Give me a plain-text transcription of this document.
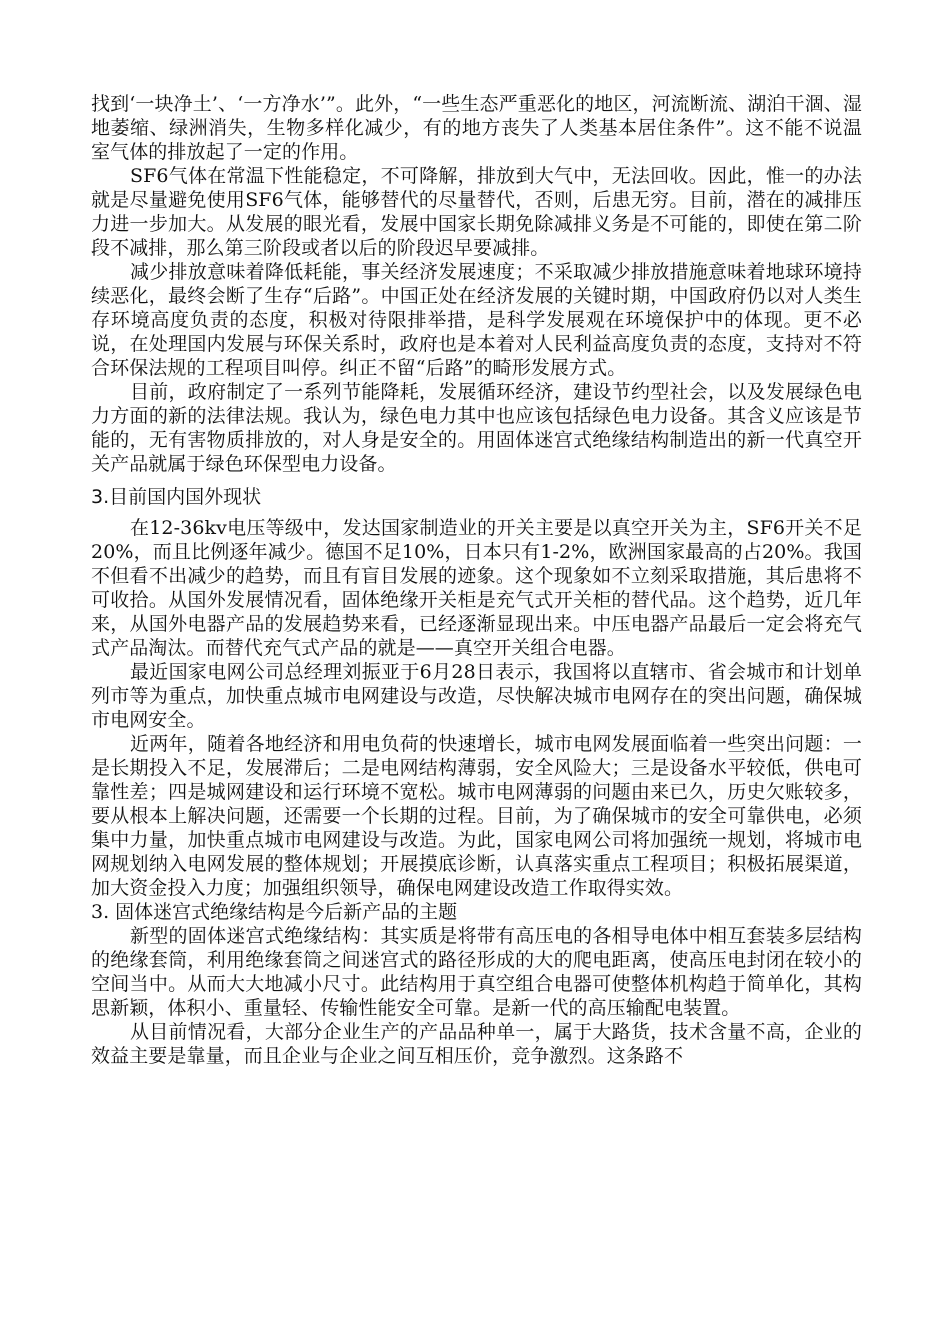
找到‘一块净土’、‘一方净水’”。此外，“一些生态严重恶化的地区，河流断流、湖泊干涸、湿地萎缩、绿洲消失，生物多样化减少，有的地方丧失了人类基本居住条件”。这不能不说温室气体的排放起了一定的作用。

SF6气体在常温下性能稳定，不可降解，排放到大气中，无法回收。因此，惟一的办法就是尽量避免使用SF6气体，能够替代的尽量替代，否则，后患无穷。目前，潜在的减排压力进一步加大。从发展的眼光看，发展中国家长期免除减排义务是不可能的，即使在第二阶段不减排，那么第三阶段或者以后的阶段迟早要减排。

减少排放意味着降低耗能，事关经济发展速度；不采取减少排放措施意味着地球环境持续恶化，最终会断了生存“后路”。中国正处在经济发展的关键时期，中国政府仍以对人类生存环境高度负责的态度，积极对待限排举措，是科学发展观在环境保护中的体现。更不必说，在处理国内发展与环保关系时，政府也是本着对人民利益高度负责的态度，支持对不符合环保法规的工程项目叫停。纠正不留“后路”的畸形发展方式。

目前，政府制定了一系列节能降耗，发展循环经济，建设节约型社会，以及发展绿色电力方面的新的法律法规。我认为，绿色电力其中也应该包括绿色电力设备。其含义应该是节能的，无有害物质排放的，对人身是安全的。用固体迷宫式绝缘结构制造出的新一代真空开关产品就属于绿色环保型电力设备。

3.目前国内国外现状

在12-36kv电压等级中，发达国家制造业的开关主要是以真空开关为主，SF6开关不足20%，而且比例逐年减少。德国不足10%，日本只有1-2%，欧洲国家最高的占20%。我国不但看不出减少的趋势，而且有盲目发展的迹象。这个现象如不立刻采取措施，其后患将不可收拾。从国外发展情况看，固体绝缘开关柜是充气式开关柜的替代品。这个趋势，近几年来，从国外电器产品的发展趋势来看，已经逐渐显现出来。中压电器产品最后一定会将充气式产品淘汰。而替代充气式产品的就是——真空开关组合电器。

最近国家电网公司总经理刘振亚于6月28日表示，我国将以直辖市、省会城市和计划单列市等为重点，加快重点城市电网建设与改造，尽快解决城市电网存在的突出问题，确保城市电网安全。

近两年，随着各地经济和用电负荷的快速增长，城市电网发展面临着一些突出问题：一是长期投入不足，发展滞后；二是电网结构薄弱，安全风险大；三是设备水平较低，供电可靠性差；四是城网建设和运行环境不宽松。城市电网薄弱的问题由来已久，历史欠账较多，要从根本上解决问题，还需要一个长期的过程。目前，为了确保城市的安全可靠供电，必须集中力量，加快重点城市电网建设与改造。为此，国家电网公司将加强统一规划，将城市电网规划纳入电网发展的整体规划；开展摸底诊断，认真落实重点工程项目；积极拓展渠道，加大资金投入力度；加强组织领导，确保电网建设改造工作取得实效。

3. 固体迷宫式绝缘结构是今后新产品的主题

新型的固体迷宫式绝缘结构：其实质是将带有高压电的各相导电体中相互套装多层结构的绝缘套筒，利用绝缘套筒之间迷宫式的路径形成的大的爬电距离，使高压电封闭在较小的空间当中。从而大大地减小尺寸。此结构用于真空组合电器可使整体机构趋于简单化，其构思新颖，体积小、重量轻、传输性能安全可靠。是新一代的高压输配电装置。

从目前情况看，大部分企业生产的产品品种单一，属于大路货，技术含量不高，企业的效益主要是靠量，而且企业与企业之间互相压价，竞争激烈。这条路不
